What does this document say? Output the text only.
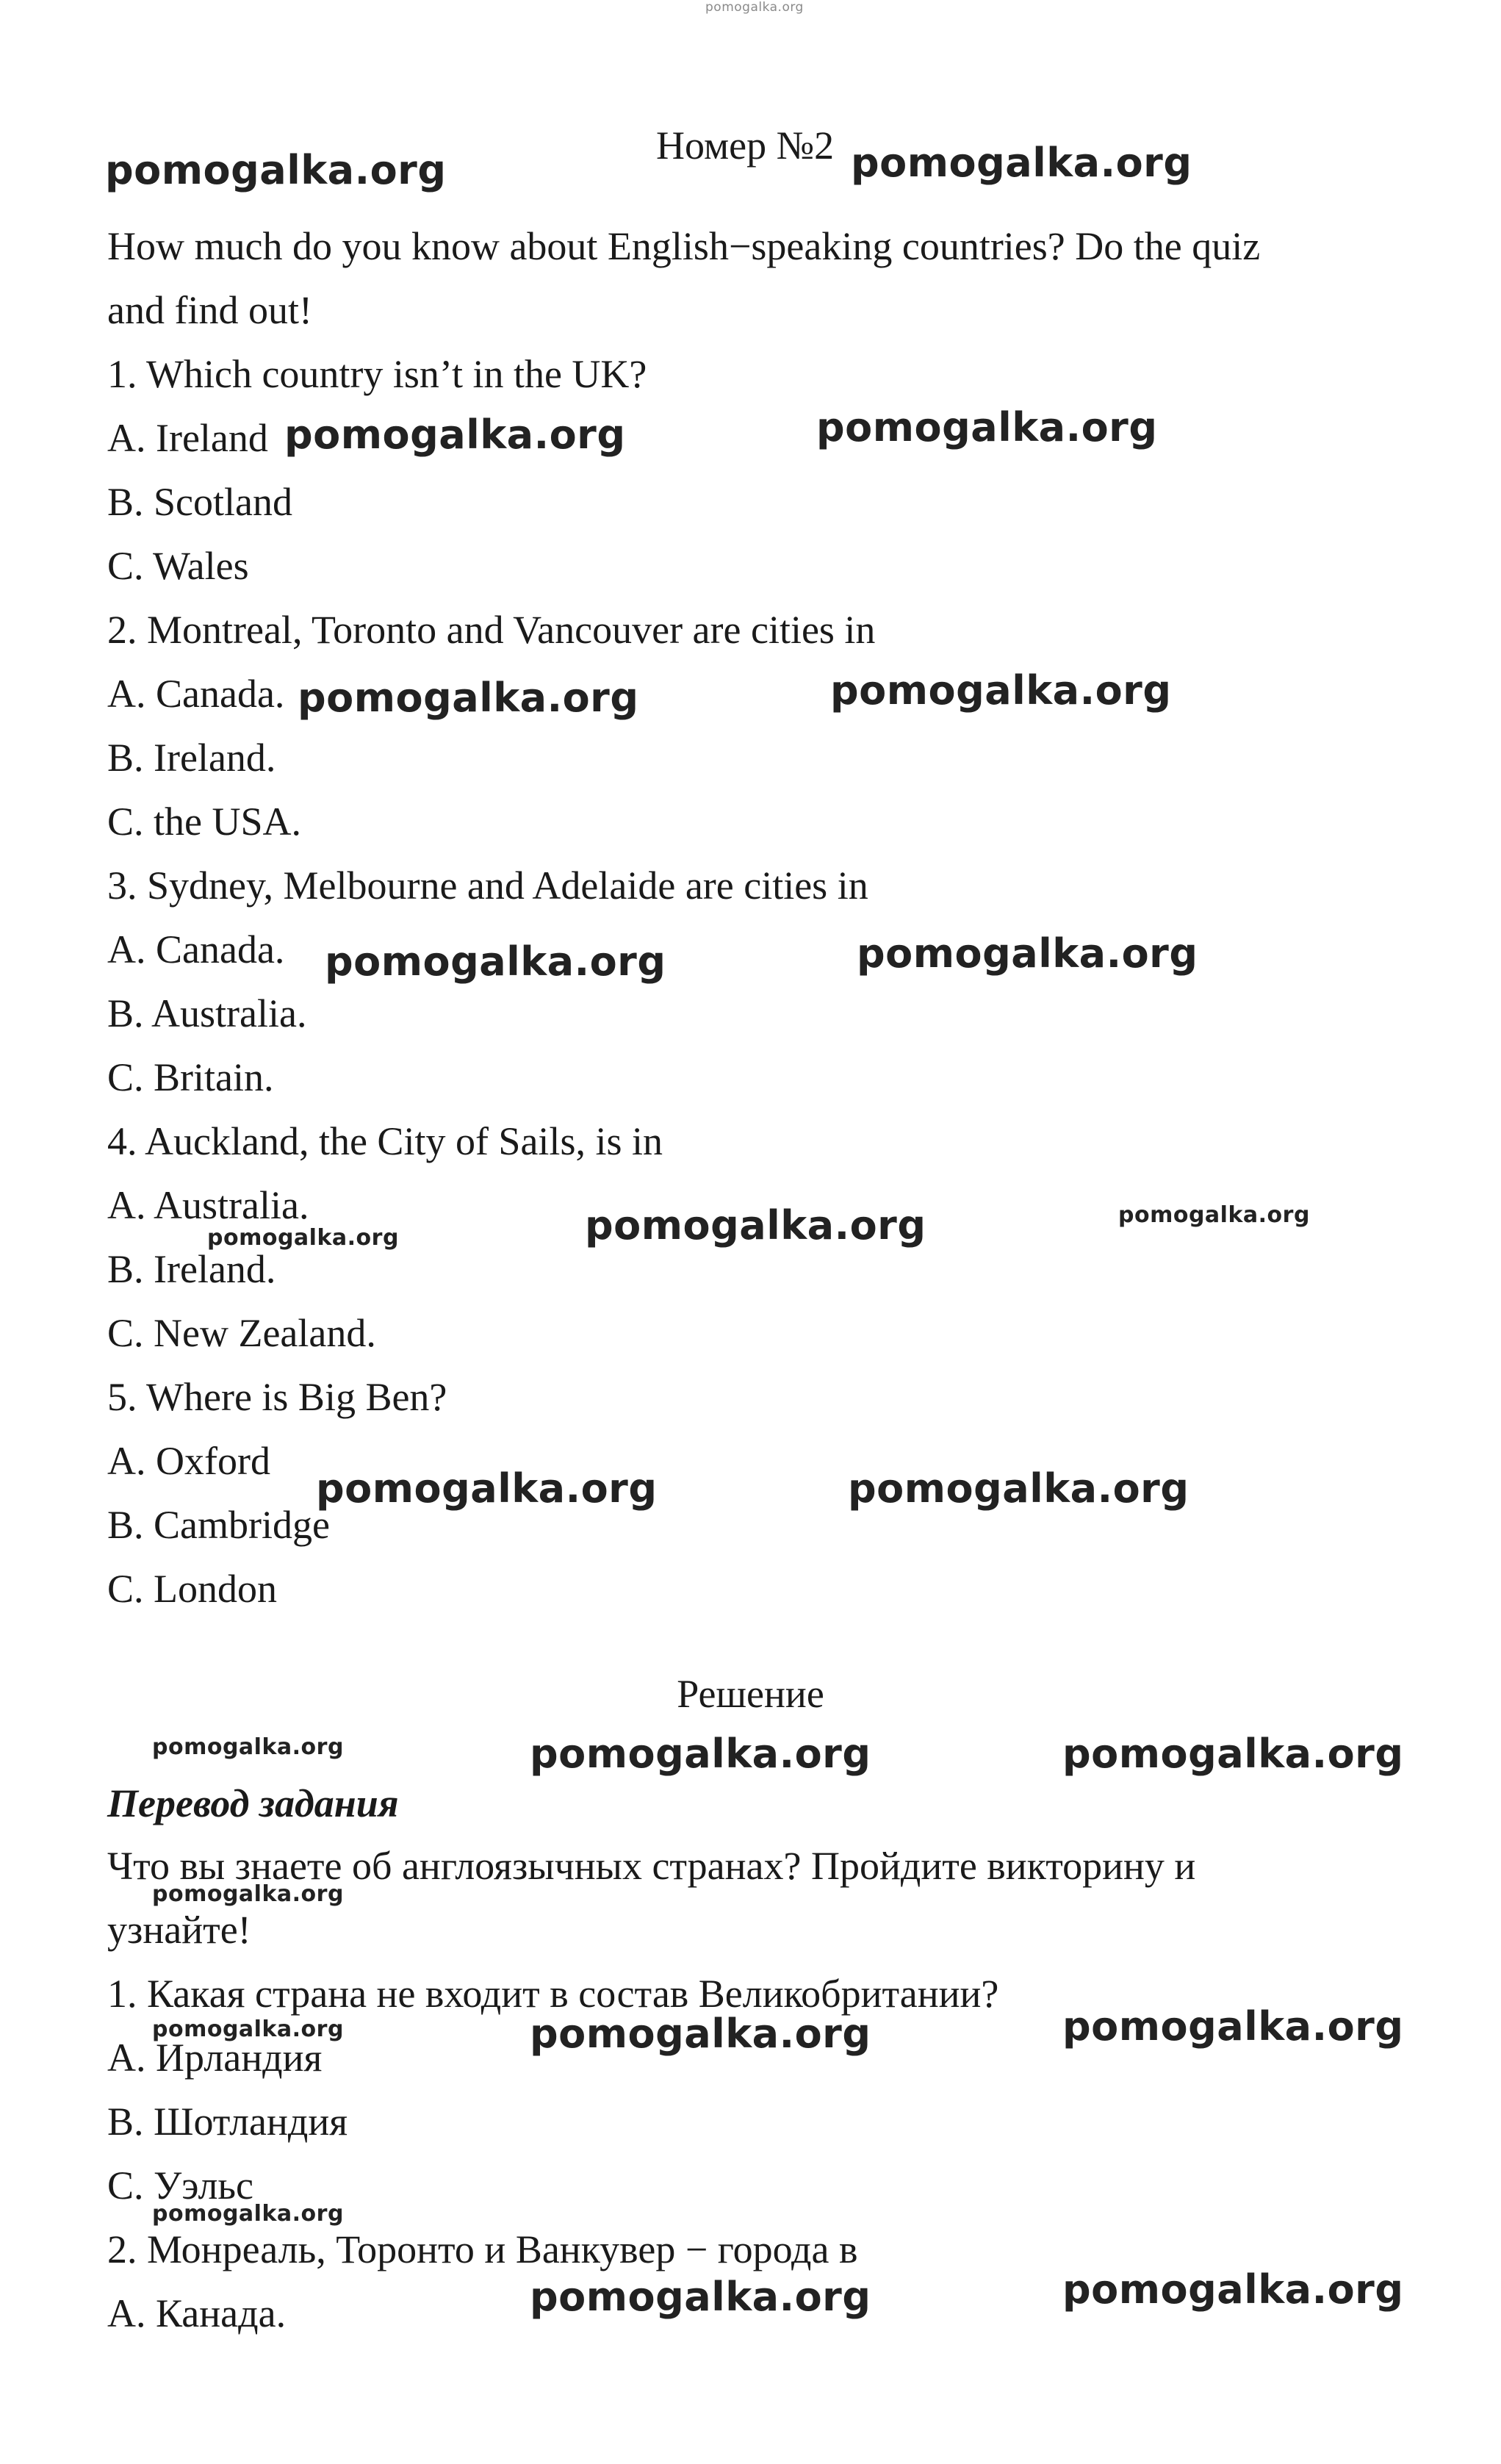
pomogalka.org
Номер №2
How much do you know about English−speaking countries? Do the quiz
and find out!
1. Which country isn’t in the UK?
A. Ireland
B. Scotland
C. Wales
2. Montreal, Toronto and Vancouver are cities in
A. Canada.
B. Ireland.
C. the USA.
3. Sydney, Melbourne and Adelaide are cities in
A. Canada.
B. Australia.
C. Britain.
4. Auckland, the City of Sails, is in
A. Australia.
B. Ireland.
C. New Zealand.
5. Where is Big Ben?
A. Oxford
B. Cambridge
C. London
Решение
Перевод задания
Что вы знаете об англоязычных странах? Пройдите викторину и
узнайте!
1. Какая страна не входит в состав Великобритании?
A. Ирландия
B. Шотландия
C. Уэльс
2. Монреаль, Торонто и Ванкувер − города в
A. Канада.
pomogalka.org	pomogalka.org
pomogalka.org	pomogalka.org
pomogalka.org	pomogalka.org
pomogalka.org	pomogalka.org
pomogalka.org
pomogalka.org	pomogalka.org
pomogalka.org	pomogalka.org
pomogalka.org	pomogalka.org
pomogalka.org	pomogalka.org
pomogalka.org
pomogalka.org
pomogalka.org
pomogalka.org
pomogalka.org
pomogalka.org
